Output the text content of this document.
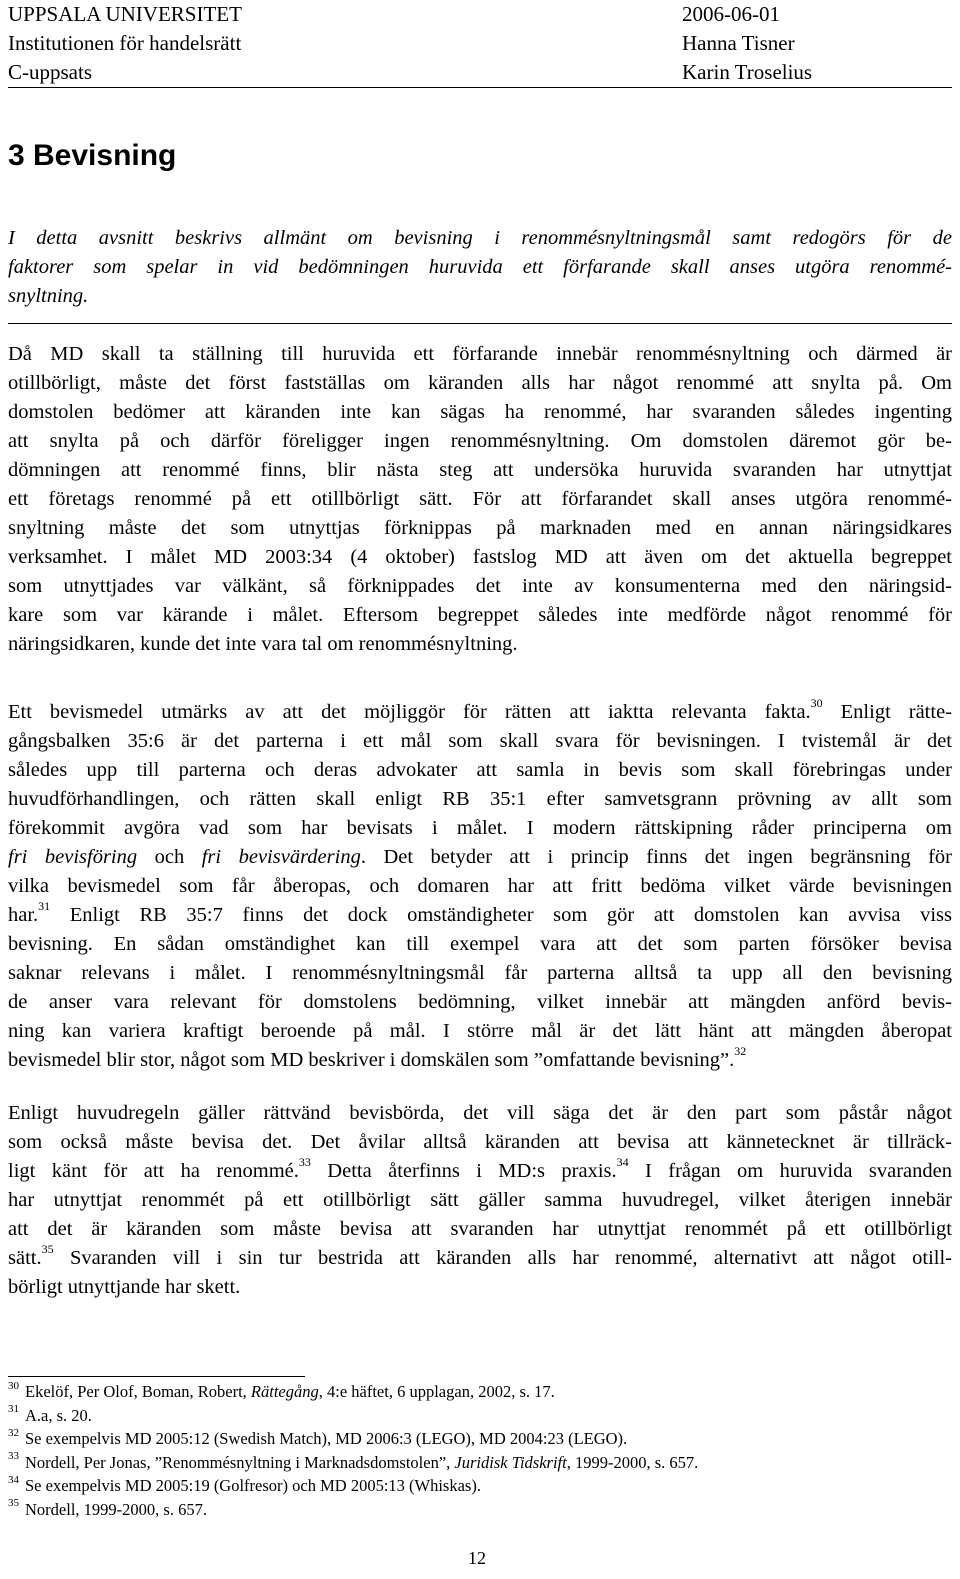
UPPSALA UNIVERSITET
Institutionen för handelsrätt
C-uppsats
2006-06-01
Hanna Tisner
Karin Troselius
3 Bevisning
I detta avsnitt beskrivs allmänt om bevisning i renommésnyltningsmål samt redogörs för de
faktorer som spelar in vid bedömningen huruvida ett förfarande skall anses utgöra renommé-
snyltning.
Då MD skall ta ställning till huruvida ett förfarande innebär renommésnyltning och därmed är
otillbörligt, måste det först fastställas om käranden alls har något renommé att snylta på. Om
domstolen bedömer att käranden inte kan sägas ha renommé, har svaranden således ingenting
att snylta på och därför föreligger ingen renommésnyltning. Om domstolen däremot gör be-
dömningen att renommé finns, blir nästa steg att undersöka huruvida svaranden har utnyttjat
ett företags renommé på ett otillbörligt sätt. För att förfarandet skall anses utgöra renommé-
snyltning måste det som utnyttjas förknippas på marknaden med en annan näringsidkares
verksamhet. I målet MD 2003:34 (4 oktober) fastslog MD att även om det aktuella begreppet
som utnyttjades var välkänt, så förknippades det inte av konsumenterna med den näringsid-
kare som var kärande i målet. Eftersom begreppet således inte medförde något renommé för
näringsidkaren, kunde det inte vara tal om renommésnyltning.
Ett bevismedel utmärks av att det möjliggör för rätten att iaktta relevanta fakta.$^{30}$ Enligt rätte-
gångsbalken 35:6 är det parterna i ett mål som skall svara för bevisningen. I tvistemål är det
således upp till parterna och deras advokater att samla in bevis som skall förebringas under
huvudförhandlingen, och rätten skall enligt RB 35:1 efter samvetsgrann prövning av allt som
förekommit avgöra vad som har bevisats i målet. I modern rättskipning råder principerna om
fri bevisföring och fri bevisvärdering. Det betyder att i princip finns det ingen begränsning för
vilka bevismedel som får åberopas, och domaren har att fritt bedöma vilket värde bevisningen
har.$^{31}$ Enligt RB 35:7 finns det dock omständigheter som gör att domstolen kan avvisa viss
bevisning. En sådan omständighet kan till exempel vara att det som parten försöker bevisa
saknar relevans i målet. I renommésnyltningsmål får parterna alltså ta upp all den bevisning
de anser vara relevant för domstolens bedömning, vilket innebär att mängden anförd bevis-
ning kan variera kraftigt beroende på mål. I större mål är det lätt hänt att mängden åberopat
bevismedel blir stor, något som MD beskriver i domskälen som ”omfattande bevisning”.$^{32}$
Enligt huvudregeln gäller rättvänd bevisbörda, det vill säga det är den part som påstår något
som också måste bevisa det. Det åvilar alltså käranden att bevisa att kännetecknet är tillräck-
ligt känt för att ha renommé.$^{33}$ Detta återfinns i MD:s praxis.$^{34}$ I frågan om huruvida svaranden
har utnyttjat renommét på ett otillbörligt sätt gäller samma huvudregel, vilket återigen innebär
att det är käranden som måste bevisa att svaranden har utnyttjat renommét på ett otillbörligt
sätt.$^{35}$ Svaranden vill i sin tur bestrida att käranden alls har renommé, alternativt att något otill-
börligt utnyttjande har skett.
$^{30}$ Ekelöf, Per Olof, Boman, Robert, Rättegång, 4:e häftet, 6 upplagan, 2002, s. 17.
$^{31}$ A.a, s. 20.
$^{32}$ Se exempelvis MD 2005:12 (Swedish Match), MD 2006:3 (LEGO), MD 2004:23 (LEGO).
$^{33}$ Nordell, Per Jonas, ”Renommésnyltning i Marknadsdomstolen”, Juridisk Tidskrift, 1999-2000, s. 657.
$^{34}$ Se exempelvis MD 2005:19 (Golfresor) och MD 2005:13 (Whiskas).
$^{35}$ Nordell, 1999-2000, s. 657.
12
